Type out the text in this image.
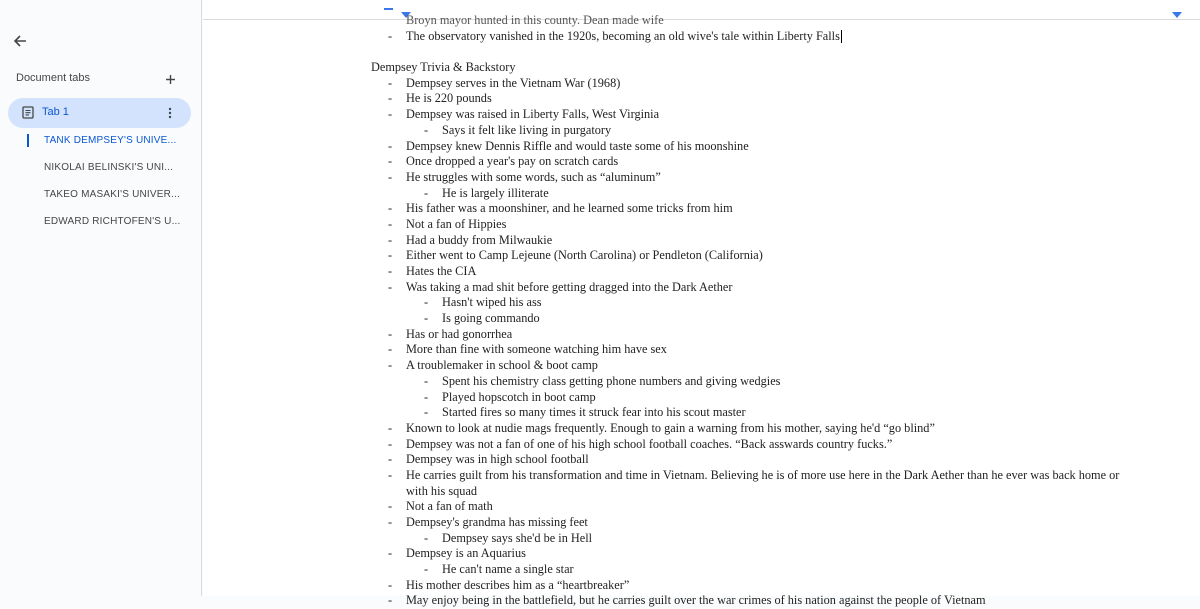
Document tabs
Tab 1
TANK DEMPSEY'S UNIVE...
NIKOLAI BELINSKI'S UNI...
TAKEO MASAKI'S UNIVER...
EDWARD RICHTOFEN'S U...
Broyn mayor hunted in this county. Dean made wife
- The observatory vanished in the 1920s, becoming an old wive's tale within Liberty Falls
Dempsey Trivia & Backstory
- Dempsey serves in the Vietnam War (1968)
- He is 220 pounds
- Dempsey was raised in Liberty Falls, West Virginia
- Says it felt like living in purgatory
- Dempsey knew Dennis Riffle and would taste some of his moonshine
- Once dropped a year's pay on scratch cards
- He struggles with some words, such as “aluminum”
- He is largely illiterate
- His father was a moonshiner, and he learned some tricks from him
- Not a fan of Hippies
- Had a buddy from Milwaukie
- Either went to Camp Lejeune (North Carolina) or Pendleton (California)
- Hates the CIA
- Was taking a mad shit before getting dragged into the Dark Aether
- Hasn't wiped his ass
- Is going commando
- Has or had gonorrhea
- More than fine with someone watching him have sex
- A troublemaker in school & boot camp
- Spent his chemistry class getting phone numbers and giving wedgies
- Played hopscotch in boot camp
- Started fires so many times it struck fear into his scout master
- Known to look at nudie mags frequently. Enough to gain a warning from his mother, saying he'd “go blind”
- Dempsey was not a fan of one of his high school football coaches. “Back asswards country fucks.”
- Dempsey was in high school football
- He carries guilt from his transformation and time in Vietnam. Believing he is of more use here in the Dark Aether than he ever was back home or
with his squad
- Not a fan of math
- Dempsey's grandma has missing feet
- Dempsey says she'd be in Hell
- Dempsey is an Aquarius
- He can't name a single star
- His mother describes him as a “heartbreaker”
- May enjoy being in the battlefield, but he carries guilt over the war crimes of his nation against the people of Vietnam
